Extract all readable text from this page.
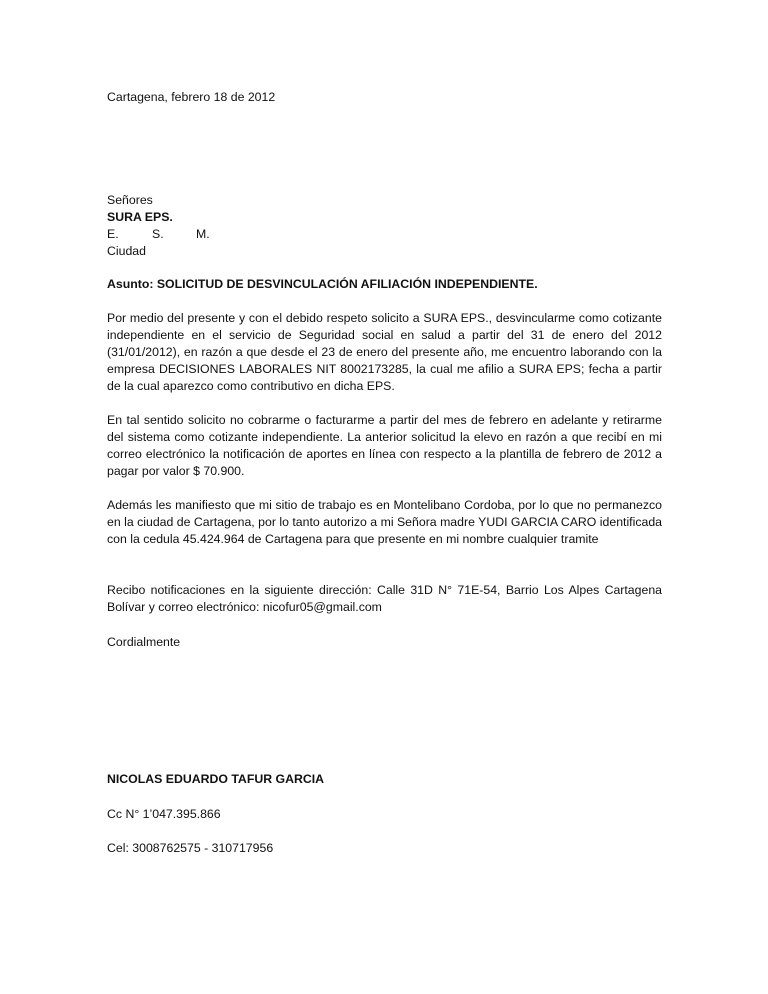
Cartagena, febrero 18 de 2012
Señores
SURA EPS.
E.	S.	M.
Ciudad
Asunto: SOLICITUD DE DESVINCULACIÓN AFILIACIÓN INDEPENDIENTE.
Por medio del presente y con el debido respeto solicito a SURA EPS., desvincularme como cotizante independiente en el servicio de Seguridad social en salud a partir del 31 de enero del 2012 (31/01/2012), en razón a que desde el 23 de enero del presente año, me encuentro laborando con la empresa DECISIONES LABORALES NIT 8002173285, la cual me afilio a SURA EPS; fecha a partir de la cual aparezco como contributivo en dicha EPS.
En tal sentido solicito no cobrarme o facturarme a partir del mes de febrero en adelante y retirarme del sistema como cotizante independiente. La anterior solicitud la elevo en razón a que recibí en mi correo electrónico la notificación de aportes en línea con respecto a la plantilla de febrero de 2012 a pagar por valor $ 70.900.
Además les manifiesto que mi sitio de trabajo es en Montelibano Cordoba, por lo que no permanezco en la ciudad de Cartagena, por lo tanto autorizo a mi Señora madre YUDI GARCIA CARO identificada con la cedula 45.424.964 de Cartagena para que presente en mi nombre cualquier tramite
Recibo notificaciones en la siguiente dirección: Calle 31D N° 71E-54, Barrio Los Alpes Cartagena Bolívar y correo electrónico: nicofur05@gmail.com
Cordialmente
NICOLAS EDUARDO TAFUR GARCIA
Cc N° 1’047.395.866
Cel: 3008762575 - 310717956
